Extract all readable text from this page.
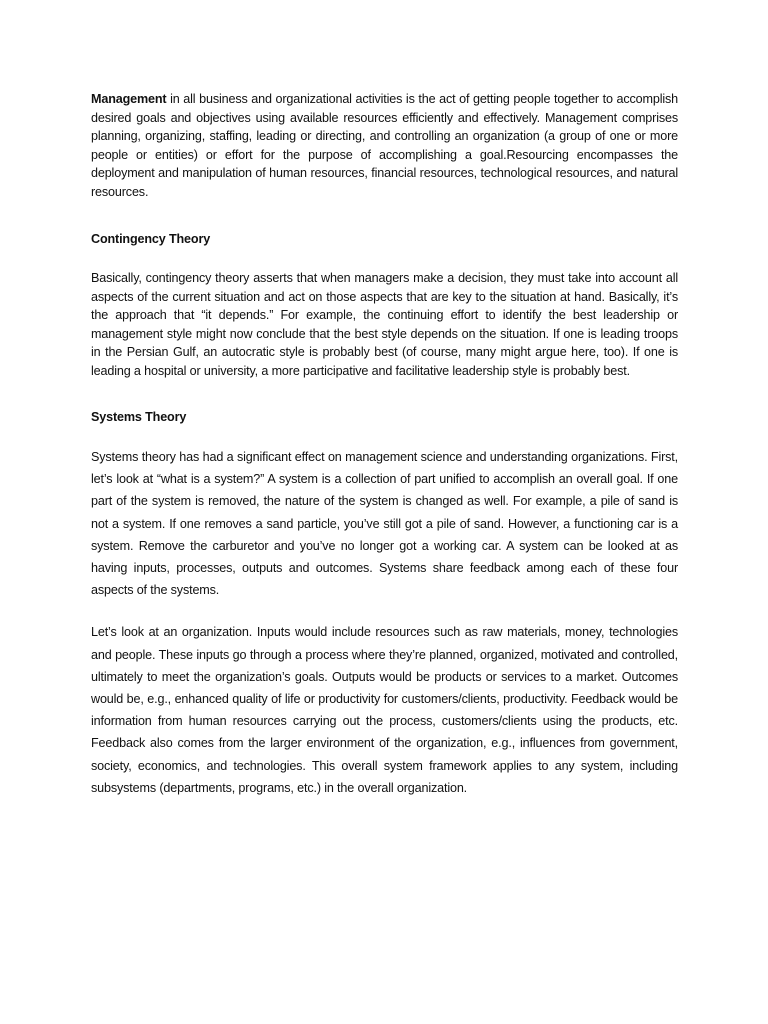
Management in all business and organizational activities is the act of getting people together to accomplish desired goals and objectives using available resources efficiently and effectively. Management comprises planning, organizing, staffing, leading or directing, and controlling an organization (a group of one or more people or entities) or effort for the purpose of accomplishing a goal.Resourcing encompasses the deployment and manipulation of human resources, financial resources, technological resources, and natural resources.

Contingency Theory

Basically, contingency theory asserts that when managers make a decision, they must take into account all aspects of the current situation and act on those aspects that are key to the situation at hand. Basically, it’s the approach that “it depends.” For example, the continuing effort to identify the best leadership or management style might now conclude that the best style depends on the situation. If one is leading troops in the Persian Gulf, an autocratic style is probably best (of course, many might argue here, too). If one is leading a hospital or university, a more participative and facilitative leadership style is probably best.

Systems Theory

Systems theory has had a significant effect on management science and understanding organizations. First, let’s look at “what is a system?” A system is a collection of part unified to accomplish an overall goal. If one part of the system is removed, the nature of the system is changed as well. For example, a pile of sand is not a system. If one removes a sand particle, you’ve still got a pile of sand. However, a functioning car is a system. Remove the carburetor and you’ve no longer got a working car. A system can be looked at as having inputs, processes, outputs and outcomes. Systems share feedback among each of these four aspects of the systems.

Let’s look at an organization. Inputs would include resources such as raw materials, money, technologies and people. These inputs go through a process where they’re planned, organized, motivated and controlled, ultimately to meet the organization’s goals. Outputs would be products or services to a market. Outcomes would be, e.g., enhanced quality of life or productivity for customers/clients, productivity. Feedback would be information from human resources carrying out the process, customers/clients using the products, etc. Feedback also comes from the larger environment of the organization, e.g., influences from government, society, economics, and technologies. This overall system framework applies to any system, including subsystems (departments, programs, etc.) in the overall organization.
